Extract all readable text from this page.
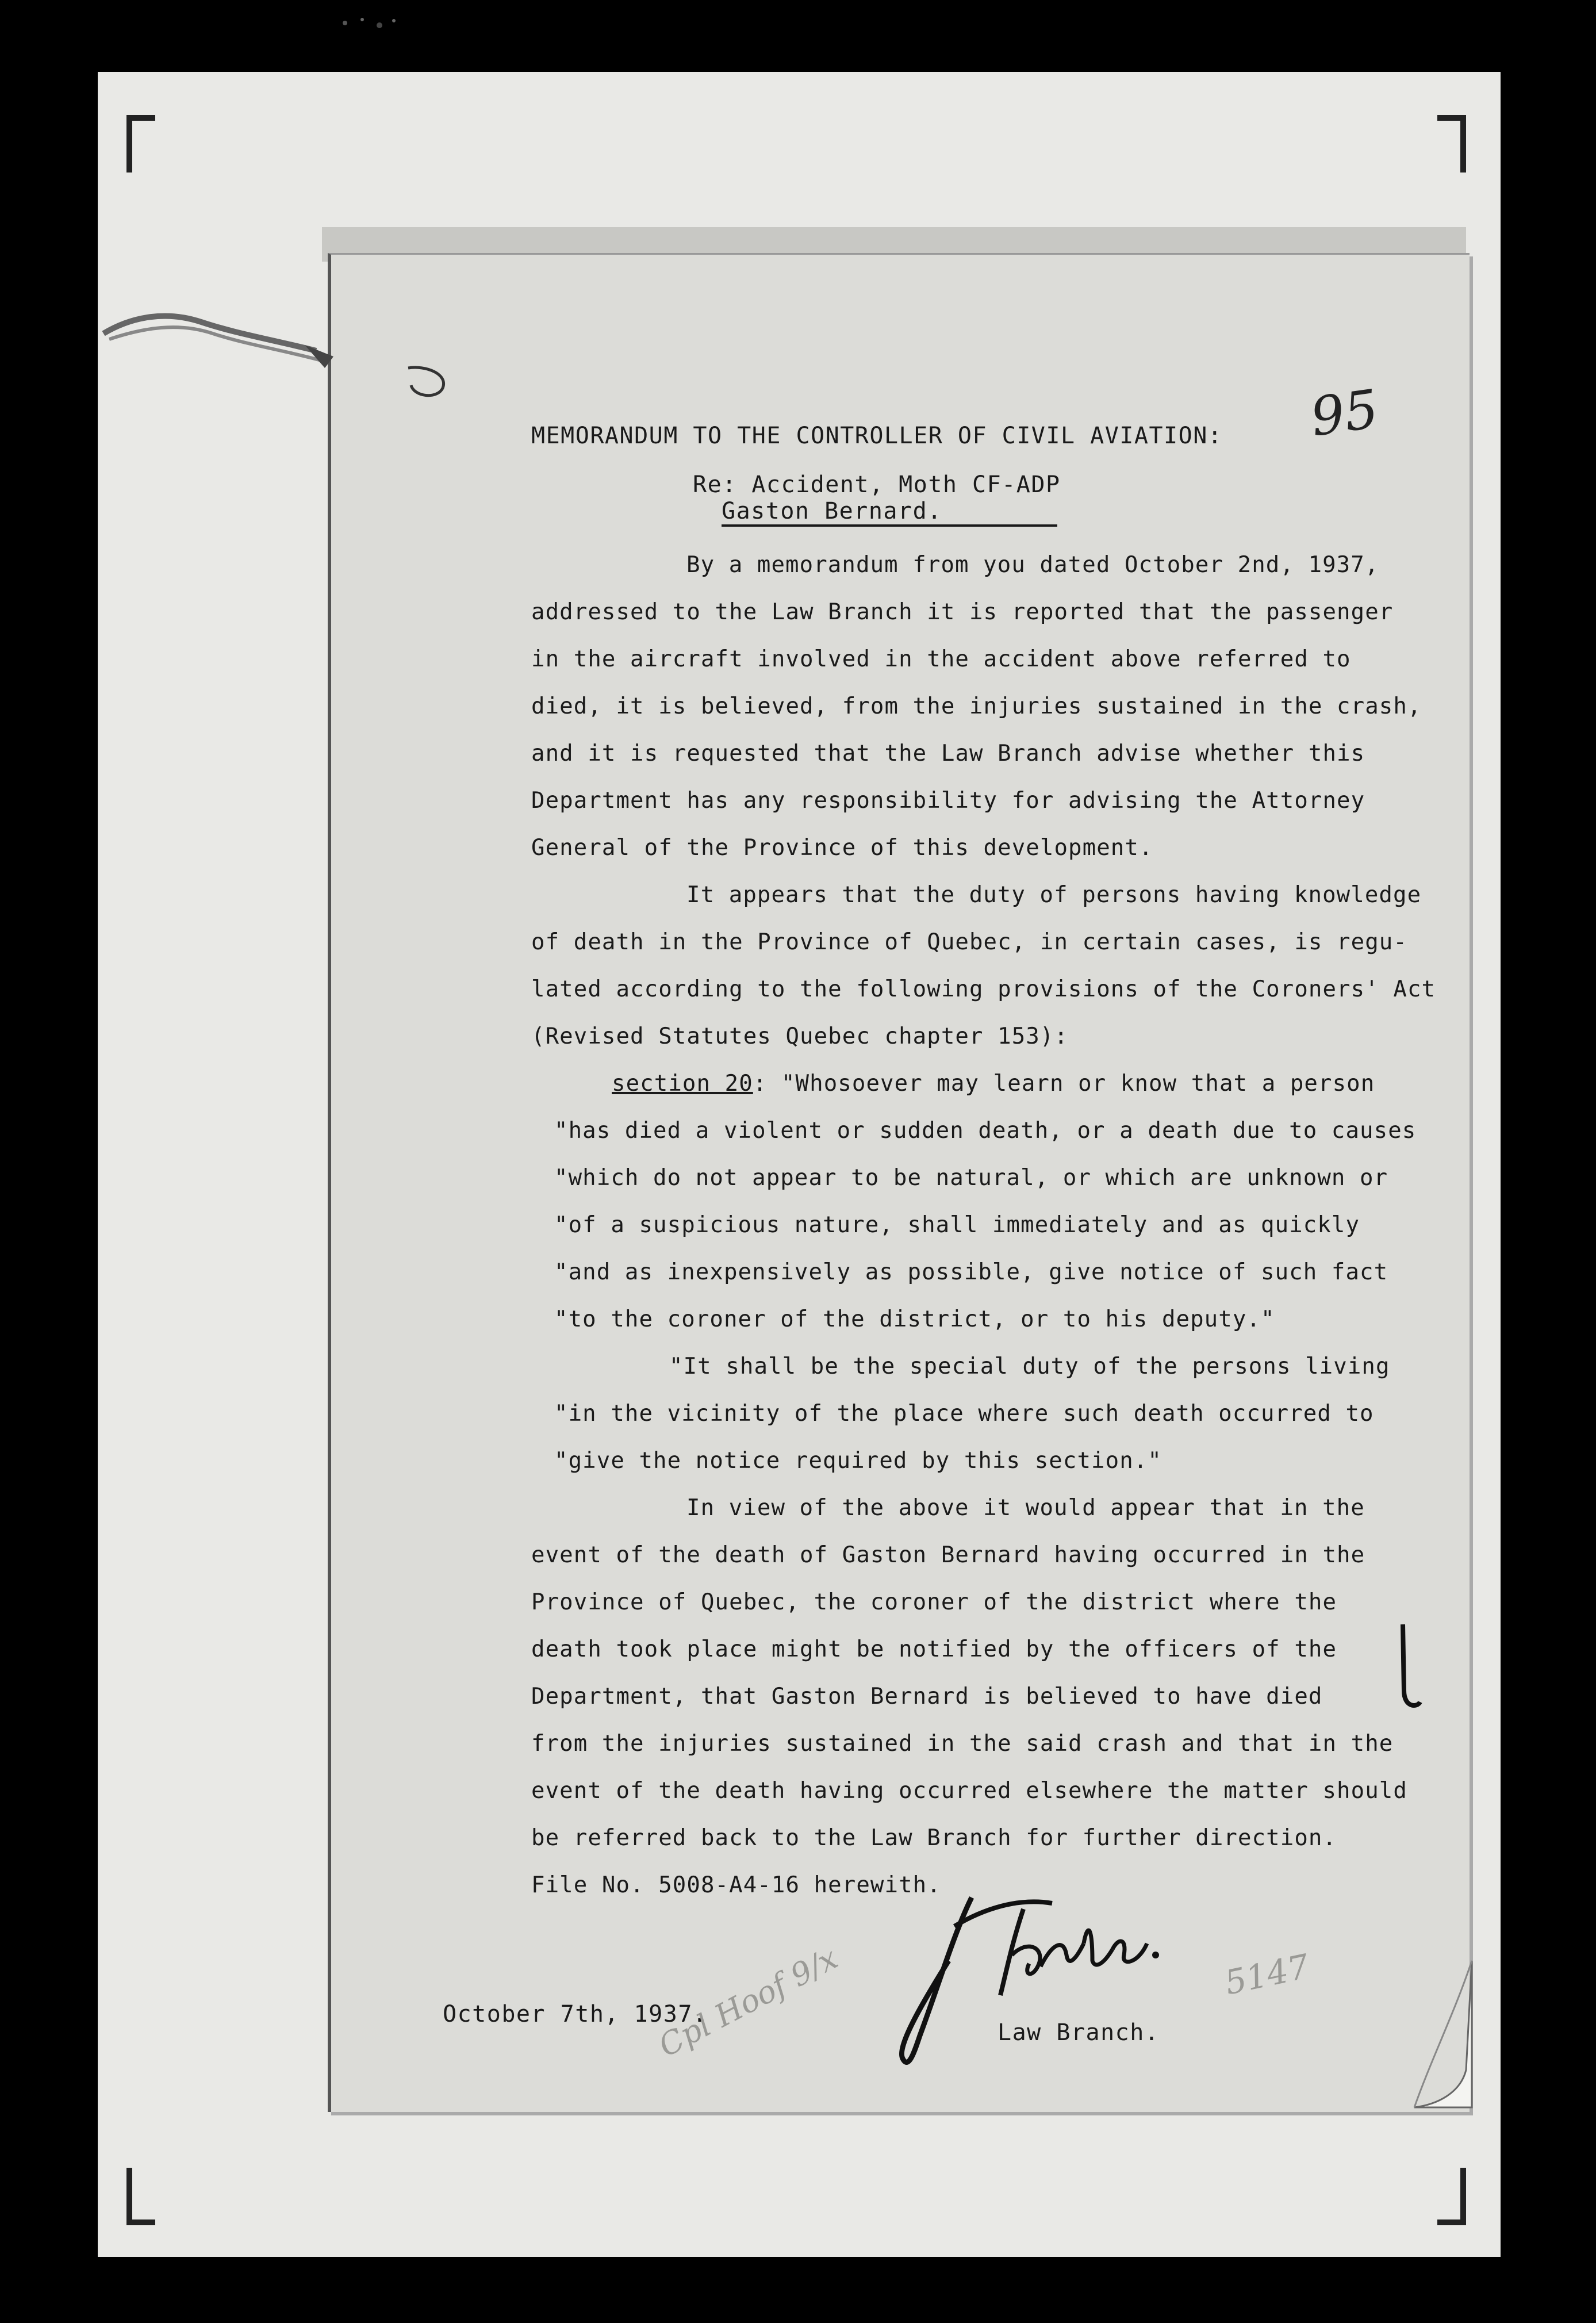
95
MEMORANDUM TO THE CONTROLLER OF CIVIL AVIATION:
Re: Accident, Moth CF-ADP
Gaston Bernard.

By a memorandum from you dated October 2nd, 1937,

addressed to the Law Branch it is reported that the passenger

in the aircraft involved in the accident above referred to

died, it is believed, from the injuries sustained in the crash,

and it is requested that the Law Branch advise whether this

Department has any responsibility for advising the Attorney

General of the Province of this development.

It appears that the duty of persons having knowledge

of death in the Province of Quebec, in certain cases, is regu-

lated according to the following provisions of the Coroners' Act

(Revised Statutes Quebec chapter 153):

section 20: "Whosoever may learn or know that a person

"has died a violent or sudden death, or a death due to causes

"which do not appear to be natural, or which are unknown or

"of a suspicious nature, shall immediately and as quickly

"and as inexpensively as possible, give notice of such fact

"to the coroner of the district, or to his deputy."

"It shall be the special duty of the persons living

"in the vicinity of the place where such death occurred to

"give the notice required by this section."

In view of the above it would appear that in the

event of the death of Gaston Bernard having occurred in the

Province of Quebec, the coroner of the district where the

death took place might be notified by the officers of the

Department, that Gaston Bernard is believed to have died

from the injuries sustained in the said crash and that in the

event of the death having occurred elsewhere the matter should

be referred back to the Law Branch for further direction.

File No. 5008-A4-16 herewith.

October 7th, 1937.
Law Branch.
Cpl Hoof 9/x	5147
